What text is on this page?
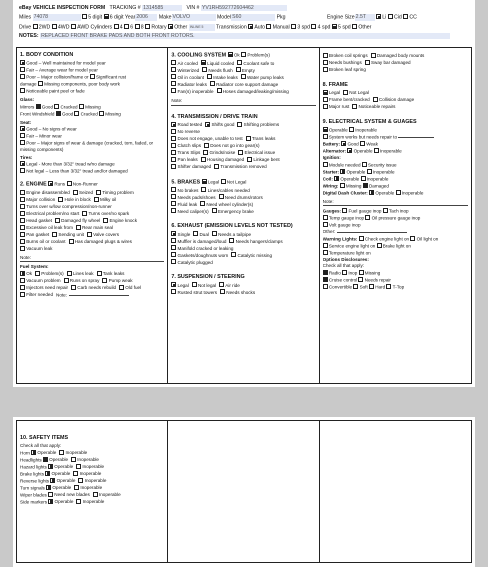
eBay VEHICLE INSPECTION FORM TRACKING # 1314585	VIN # YV1RH592772604462
Miles 74078	5 digit 6 digit Year2006 MakeVOLVO	ModelS60	Pkg	Engine Size2.5T	Li Cid CC
Drive 2WD 4WD AWD Cylinders 4 6 8 Rotary Other INLINE 5 Transmission Auto Manual 3 spd 4 spd 5 spd Other
NOTES: REPLACED FRONT BRAKE PADS AND BOTH FRONT ROTORS.
1. BODY CONDITION
Good – Well maintained for model year
Fair – Average wear for model year
Poor – Major collision/frame or Significant rust
damage Missing components, poor body work
Noticeable paint peel or fade
Glass:
Mirrors Good Cracked Missing
Front Windshield Good Cracked Missing
Seat:
Good – No signs of wear
Fair – Minor wear
Poor – Major signs of wear & damage (cracked, torn, faded, or missing components)
Tires:
Legal - More than 3/32" tread w/no damage
Not legal – Less than 3/32" tread and/or damaged
2. ENGINE Runs Non-Runner
Engine disassembled Seized Timing problem
Major collision Hole in block Milky oil
Turns over w/low compression/non-runner
Electrical problem/no start Turns over/no spark
Head gasket Damaged fly wheel Engine knock
Excessive oil leak from Rear main seal
Pan gasket Sending unit Valve covers
Burns oil or coolant Has damaged plugs & wires
Vacuum leak
Note:
Fuel System:
Ok Problem(s) Lines leak Tank leaks
Vacuum problem Runs on spray Pump weak
Injectors need repair Carb needs rebuild Old fuel
Filter needed Note:
3. COOLING SYSTEM Ok Problem(s)
Air cooled Liquid cooled Coolant safe to
Winterized Needs flush Empty
Oil in coolant Intake leaks Water pump leaks
Radiator leaks Radiator core support damage
Fan(s) inoperable Hoses damaged/leaking/missing
Note:
4. TRANSMISSION / DRIVE TRAIN
Road tested Shifts good Shifting problems
No reverse
Does not engage, unable to test Trans leaks
Clutch slips Does not go into gear(s)
Trans Slips Grinds/noise Electrical issue
Pan leaks Housing damaged Linkage bent
Shifter damaged Transmission removed
5. BRAKES Legal Not Legal
No brakes Lines/cables needed
Needs pads/shoes Need drums/rotors
Fluid leak Need wheel cylinder(s)
Need caliper(s) Emergency brake
6. EXHAUST (EMISSION LEVELS NOT TESTED)
Single Dual Needs a tailpipe
Muffler is damaged/loud Needs hangers/clamps
Manifold cracked or leaking
Gaskets/doughnuts worn Catalytic missing
Catalytic plugged
7. SUSPENSION / STEERING
Legal Not legal Air ride
Rusted strut towers Needs shocks
Broken coil springs Damaged body mounts
Needs bushings Sway bar damaged
Broken leaf spring
8. FRAME
Legal Not Legal
Frame bent/cracked Collision damage
Major rust Noticeable repairs
9. ELECTRICAL SYSTEM & GUAGES
Operable Inoperable
System works but needs repair to
Battery: Good Weak
Alternator: Operable Inoperable
Ignition:
Module needed Security issue
Starter: Operable Inoperable
Coil: Operable Inoperable
Wiring: Missing Damaged
Digital Dash Cluster: Operable Inoperable
Note:
Gauges: Fuel gauge inop Tach inop
Temp gauge inop Oil pressure gauge inop
Volt gauge inop
Other:
Warning Lights: Check engine light on Oil light on
Service engine light on Brake light on
Temperature light on
Options Disclosures:
Check all that apply:
Radio Inop Missing
Cruise control Needs repair
Convertible Soft Hard T-Top
10. SAFETY ITEMS
Check all that apply:
Horn Operable Inoperable
Headlights Operable Inoperable
Hazard lights Operable Inoperable
Brake lights Operable Inoperable
Reverse lights Operable Inoperable
Turn signals Operable Inoperable
Wiper blades Need new blades Inoperable
Side markers Operable Inoperable
